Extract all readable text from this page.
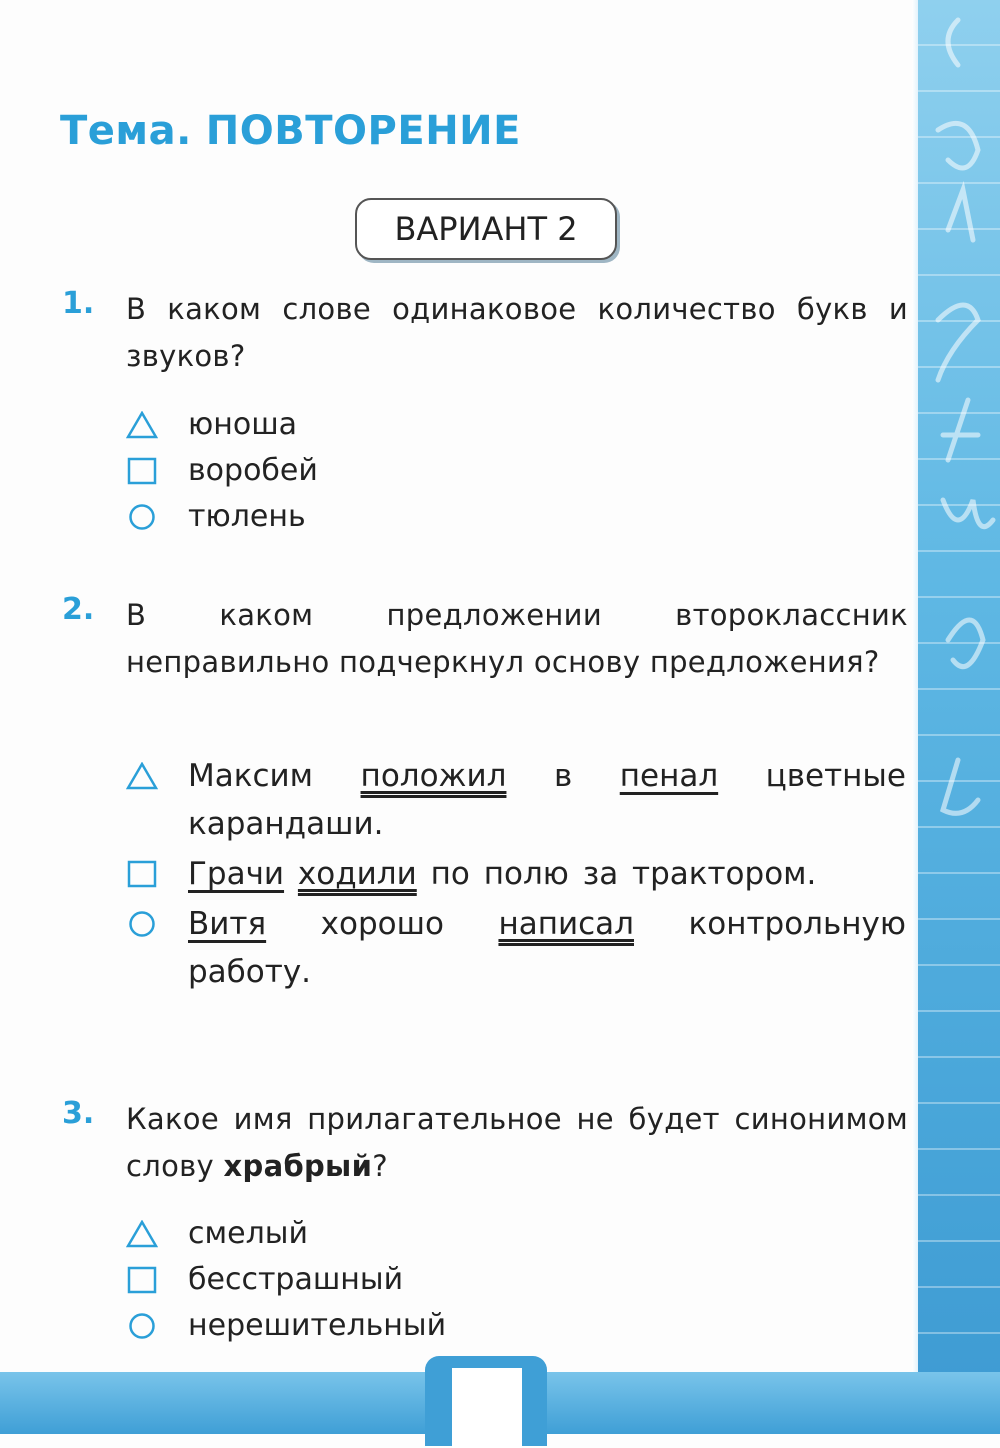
Тема. ПОВТОРЕНИЕ
ВАРИАНТ 2
1. В каком слове одинаковое количество букв и звуков?
юноша
воробей
тюлень
2. В каком предложении второклассник неправильно подчеркнул основу предложения?
Максим положил в пенал цветные карандаши.
Грачи ходили по полю за трактором.
Витя хорошо написал контрольную работу.
3. Какое имя прилагательное не будет синонимом слову храбрый?
смелый
бесстрашный
нерешительный
